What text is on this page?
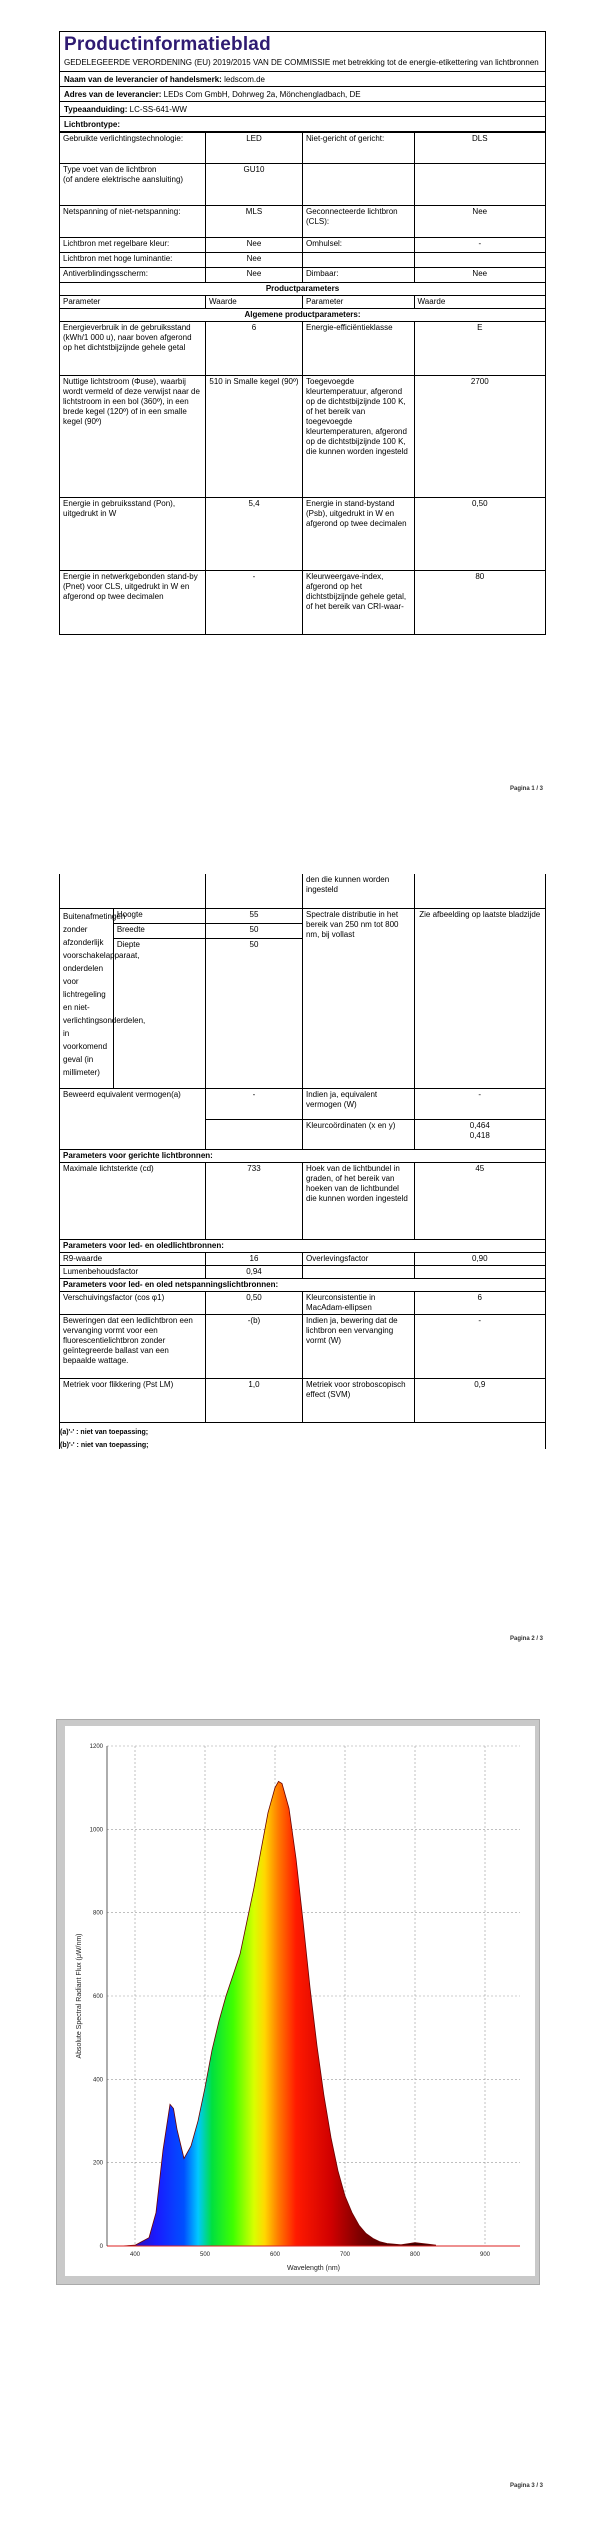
Productinformatieblad
GEDELEGEERDE VERORDENING (EU) 2019/2015 VAN DE COMMISSIE met betrekking tot de energie-etikettering van lichtbronnen
Naam van de leverancier of handelsmerk: ledscom.de
Adres van de leverancier: LEDs Com GmbH, Dohrweg 2a, Mönchengladbach, DE
Typeaanduiding: LC-SS-641-WW
Lichtbrontype:
Gebruikte verlichtingstechnologie:	LED	Niet-gericht of gericht:	DLS
Type voet van de lichtbron
(of andere elektrische aansluiting)	GU10		
Netspanning of niet-netspanning:	MLS	Geconnecteerde lichtbron (CLS):	Nee
Lichtbron met regelbare kleur:	Nee	Omhulsel:	-
Lichtbron met hoge luminantie:	Nee		
Antiverblindingsscherm:	Nee	Dimbaar:	Nee
Productparameters			
Parameter	Waarde	Parameter	Waarde
Algemene productparameters:			
Energieverbruik in de gebruiksstand (kWh/1 000 u), naar boven afgerond op het dichtstbijzijnde gehele getal	6	Energie-efficiëntieklasse	E
Nuttige lichtstroom (Φuse), waarbij wordt vermeld of deze verwijst naar de lichtstroom in een bol (360º), in een brede kegel (120º) of in een smalle kegel (90º)	510 in Smalle kegel (90º)	Toegevoegde kleurtemperatuur, afgerond op de dichtstbijzijnde 100 K, of het bereik van toegevoegde kleurtemperaturen, afgerond op de dichtstbijzijnde 100 K, die kunnen worden ingesteld	2700
Energie in gebruiksstand (Pon), uitgedrukt in W	5,4	Energie in stand-bystand (Psb), uitgedrukt in W en afgerond op twee decimalen	0,50
Energie in netwerkgebonden stand-by (Pnet) voor CLS, uitgedrukt in W en afgerond op twee decimalen	-	Kleurweergave-index, afgerond op het dichtstbijzijnde gehele getal, of het bereik van CRI-waar-	80
Pagina 1 / 3
			den die kunnen worden ingesteld	
Buitenafmetingen zonder afzonderlijk voorschakelapparaat, onderdelen voor lichtregeling en niet-verlichtingsonderdelen, in voorkomend geval (in millimeter)	Hoogte	55	Spectrale distributie in het bereik van 250 nm tot 800 nm, bij vollast	Zie afbeelding op laatste bladzijde
	Breedte	50		
	Diepte	50		
Beweerd equivalent vermogen(a)		-	Indien ja, equivalent vermogen (W)	-
			Kleurcoördinaten (x en y)	0,464
0,418

Parameters voor gerichte lichtbronnen:				
Maximale lichtsterkte (cd)		733	Hoek van de lichtbundel in graden, of het bereik van hoeken van de lichtbundel die kunnen worden ingesteld	45
Parameters voor led- en oledlichtbronnen:				
R9-waarde		16	Overlevingsfactor	0,90
Lumenbehoudsfactor		0,94		
Parameters voor led- en oled netspanningslichtbronnen:				
Verschuivingsfactor (cos φ1)		0,50	Kleurconsistentie in MacAdam-ellipsen	6
Beweringen dat een ledlichtbron een vervanging vormt voor een fluorescentielichtbron zonder geïntegreerde ballast van een bepaalde wattage.		-(b)	Indien ja, bewering dat de lichtbron een vervanging vormt (W)	-
Metriek voor flikkering (Pst LM)		1,0	Metriek voor stroboscopisch effect (SVM)	0,9
(a)'-' : niet van toepassing;
(b)'-' : niet van toepassing;
Pagina 2 / 3
0
200
400
600
800
1000
1200
400	500	600	700	800	900
Absolute Spectral Radiant Flux (μW/nm)
Wavelength (nm)
Pagina 3 / 3
